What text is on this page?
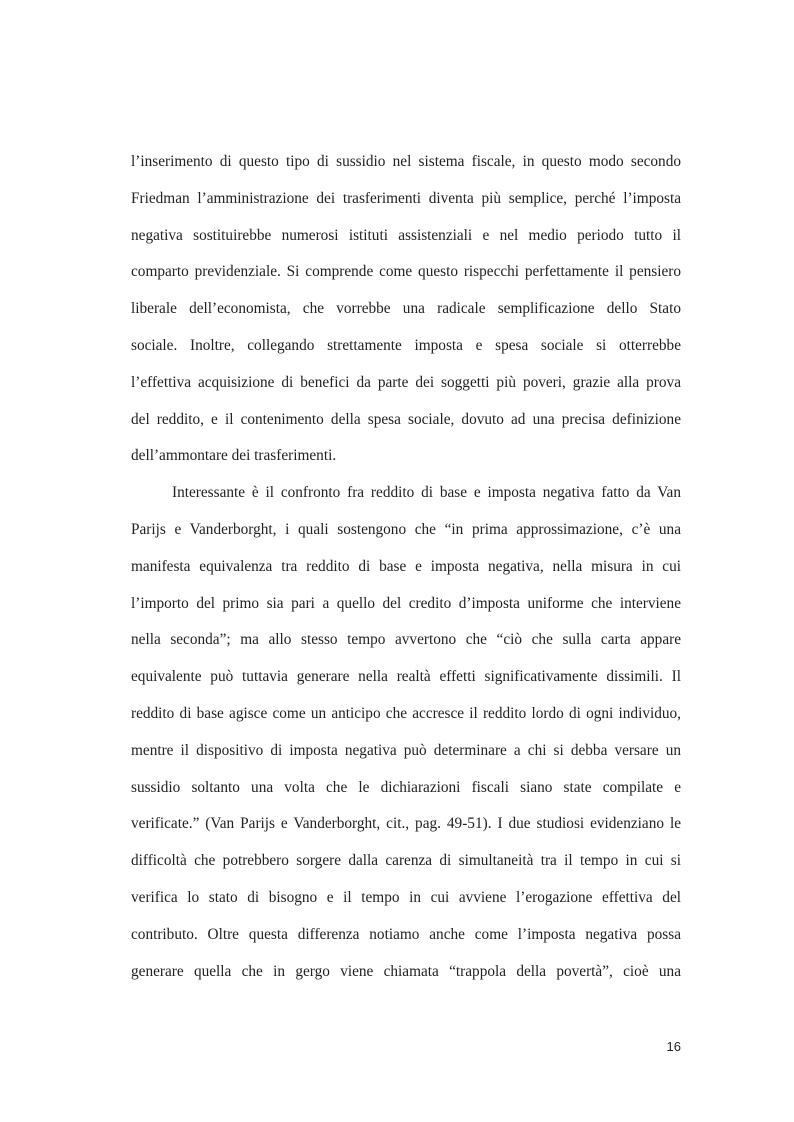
l’inserimento di questo tipo di sussidio nel sistema fiscale, in questo modo secondo
Friedman l’amministrazione dei trasferimenti diventa più semplice, perché l’imposta
negativa sostituirebbe numerosi istituti assistenziali e nel medio periodo tutto il
comparto previdenziale. Si comprende come questo rispecchi perfettamente il pensiero
liberale dell’economista, che vorrebbe una radicale semplificazione dello Stato
sociale. Inoltre, collegando strettamente imposta e spesa sociale si otterrebbe
l’effettiva acquisizione di benefici da parte dei soggetti più poveri, grazie alla prova
del reddito, e il contenimento della spesa sociale, dovuto ad una precisa definizione
dell’ammontare dei trasferimenti.
Interessante è il confronto fra reddito di base e imposta negativa fatto da Van
Parijs e Vanderborght, i quali sostengono che “in prima approssimazione, c’è una
manifesta equivalenza tra reddito di base e imposta negativa, nella misura in cui
l’importo del primo sia pari a quello del credito d’imposta uniforme che interviene
nella seconda”; ma allo stesso tempo avvertono che “ciò che sulla carta appare
equivalente può tuttavia generare nella realtà effetti significativamente dissimili. Il
reddito di base agisce come un anticipo che accresce il reddito lordo di ogni individuo,
mentre il dispositivo di imposta negativa può determinare a chi si debba versare un
sussidio soltanto una volta che le dichiarazioni fiscali siano state compilate e
verificate.” (Van Parijs e Vanderborght, cit., pag. 49-51). I due studiosi evidenziano le
difficoltà che potrebbero sorgere dalla carenza di simultaneità tra il tempo in cui si
verifica lo stato di bisogno e il tempo in cui avviene l’erogazione effettiva del
contributo. Oltre questa differenza notiamo anche come l’imposta negativa possa
generare quella che in gergo viene chiamata “trappola della povertà”, cioè una
16
